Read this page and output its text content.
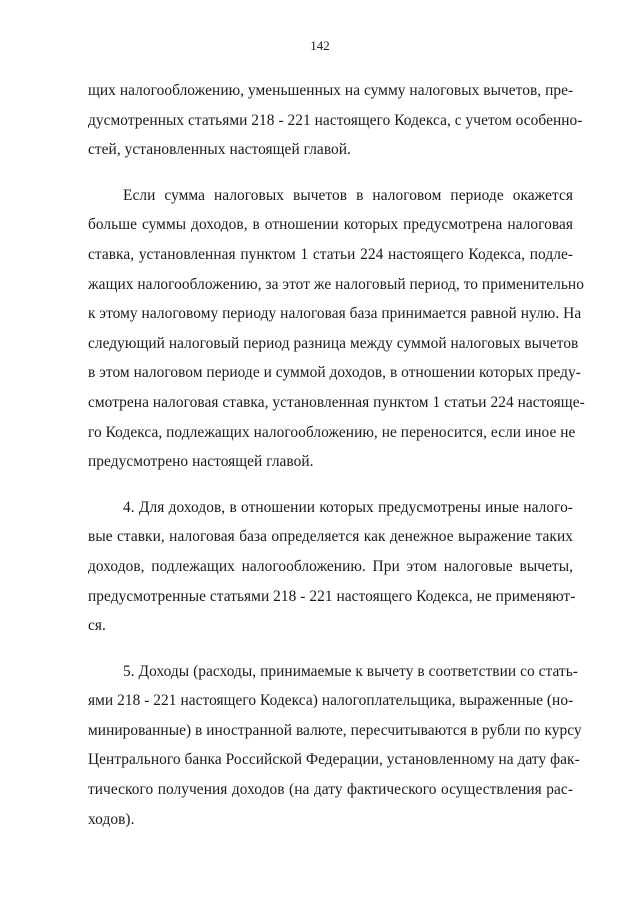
142
щих налогообложению, уменьшенных на сумму налоговых вычетов, пре-
дусмотренных статьями 218 - 221 настоящего Кодекса, с учетом особенно-
стей, установленных настоящей главой.
Если сумма налоговых вычетов в налоговом периоде окажется
больше суммы доходов, в отношении которых предусмотрена налоговая
ставка, установленная пунктом 1 статьи 224 настоящего Кодекса, подле-
жащих налогообложению, за этот же налоговый период, то применительно
к этому налоговому периоду налоговая база принимается равной нулю. На
следующий налоговый период разница между суммой налоговых вычетов
в этом налоговом периоде и суммой доходов, в отношении которых преду-
смотрена налоговая ставка, установленная пунктом 1 статьи 224 настояще-
го Кодекса, подлежащих налогообложению, не переносится, если иное не
предусмотрено настоящей главой.
4. Для доходов, в отношении которых предусмотрены иные налого-
вые ставки, налоговая база определяется как денежное выражение таких
доходов, подлежащих налогообложению. При этом налоговые вычеты,
предусмотренные статьями 218 - 221 настоящего Кодекса, не применяют-
ся.
5. Доходы (расходы, принимаемые к вычету в соответствии со стать-
ями 218 - 221 настоящего Кодекса) налогоплательщика, выраженные (но-
минированные) в иностранной валюте, пересчитываются в рубли по курсу
Центрального банка Российской Федерации, установленному на дату фак-
тического получения доходов (на дату фактического осуществления рас-
ходов).
